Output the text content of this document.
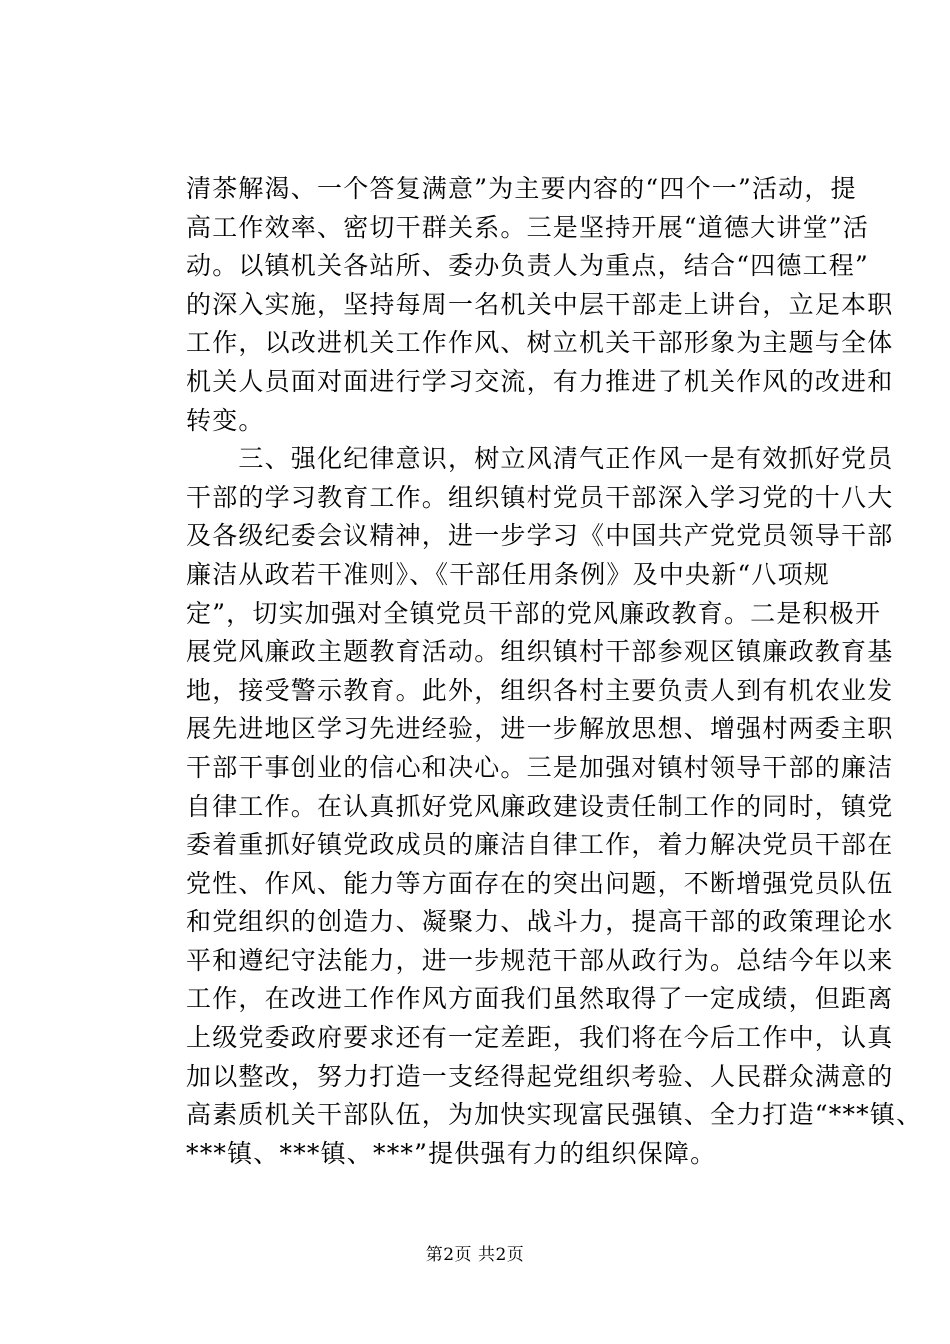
清茶解渴、一个答复满意”为主要内容的“四个一”活动，提
高工作效率、密切干群关系。三是坚持开展“道德大讲堂”活
动。以镇机关各站所、委办负责人为重点，结合“四德工程”
的深入实施，坚持每周一名机关中层干部走上讲台，立足本职
工作，以改进机关工作作风、树立机关干部形象为主题与全体
机关人员面对面进行学习交流，有力推进了机关作风的改进和
转变。
　　三、强化纪律意识，树立风清气正作风一是有效抓好党员
干部的学习教育工作。组织镇村党员干部深入学习党的十八大
及各级纪委会议精神，进一步学习《中国共产党党员领导干部
廉洁从政若干准则》、《干部任用条例》及中央新“八项规
定”，切实加强对全镇党员干部的党风廉政教育。二是积极开
展党风廉政主题教育活动。组织镇村干部参观区镇廉政教育基
地，接受警示教育。此外，组织各村主要负责人到有机农业发
展先进地区学习先进经验，进一步解放思想、增强村两委主职
干部干事创业的信心和决心。三是加强对镇村领导干部的廉洁
自律工作。在认真抓好党风廉政建设责任制工作的同时，镇党
委着重抓好镇党政成员的廉洁自律工作，着力解决党员干部在
党性、作风、能力等方面存在的突出问题，不断增强党员队伍
和党组织的创造力、凝聚力、战斗力，提高干部的政策理论水
平和遵纪守法能力，进一步规范干部从政行为。总结今年以来
工作，在改进工作作风方面我们虽然取得了一定成绩，但距离
上级党委政府要求还有一定差距，我们将在今后工作中，认真
加以整改，努力打造一支经得起党组织考验、人民群众满意的
高素质机关干部队伍，为加快实现富民强镇、全力打造“***镇、
***镇、***镇、***”提供强有力的组织保障。
第2页 共2页
